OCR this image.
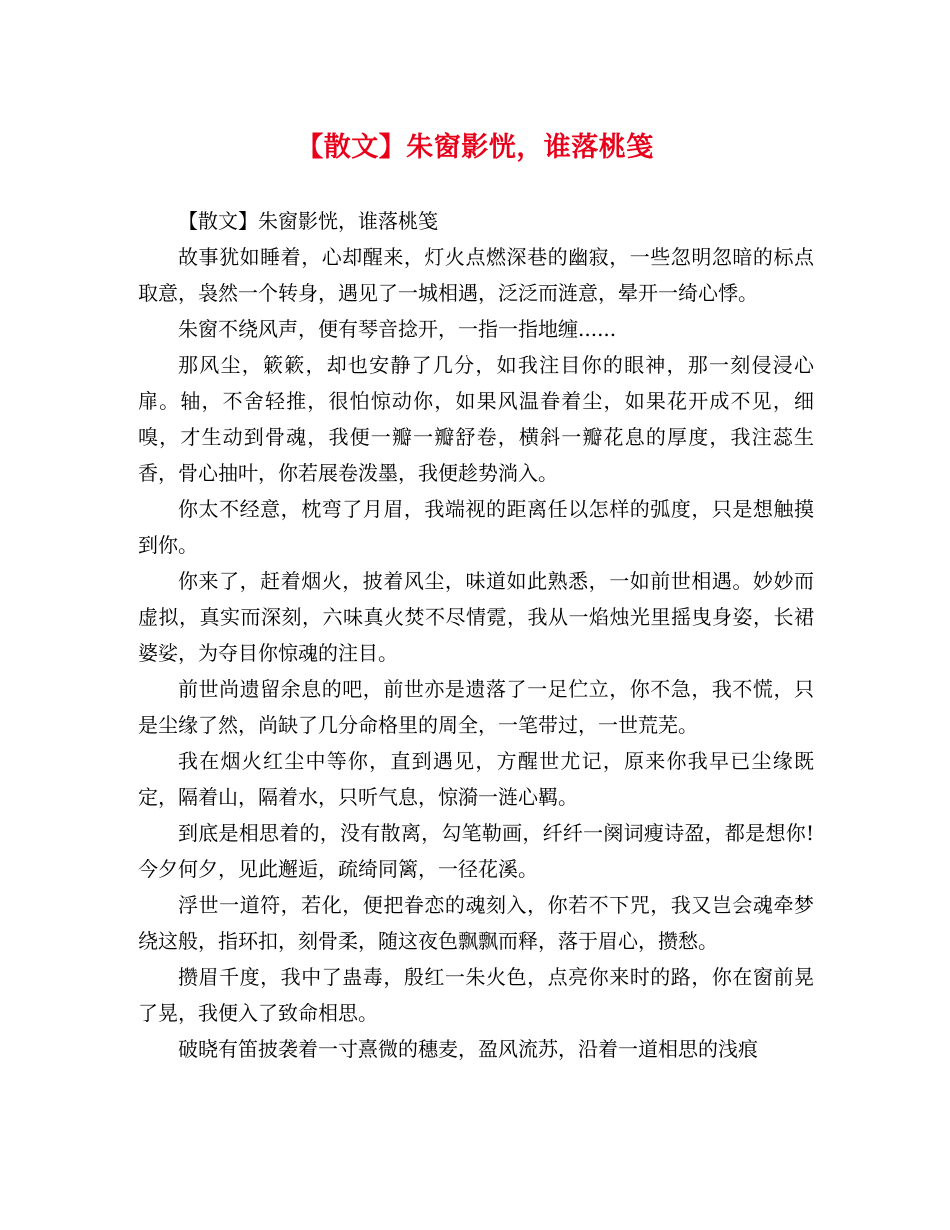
【散文】朱窗影恍，谁落桃笺

【散文】朱窗影恍，谁落桃笺

故事犹如睡着，心却醒来，灯火点燃深巷的幽寂，一些忽明忽暗的标点取意，袅然一个转身，遇见了一城相遇，泛泛而涟意，晕开一绮心悸。

朱窗不绕风声，便有琴音捻开，一指一指地缠......

那风尘，簌簌，却也安静了几分，如我注目你的眼神，那一刻侵浸心扉。轴，不舍轻推，很怕惊动你，如果风温眷着尘，如果花开成不见，细嗅，才生动到骨魂，我便一瓣一瓣舒卷，横斜一瓣花息的厚度，我注蕊生香，骨心抽叶，你若展卷泼墨，我便趁势淌入。

你太不经意，枕弯了月眉，我端视的距离任以怎样的弧度，只是想触摸到你。

你来了，赶着烟火，披着风尘，味道如此熟悉，一如前世相遇。妙妙而虚拟，真实而深刻，六味真火焚不尽情霓，我从一焰烛光里摇曳身姿，长裙婆娑，为夺目你惊魂的注目。

前世尚遗留余息的吧，前世亦是遗落了一足伫立，你不急，我不慌，只是尘缘了然，尚缺了几分命格里的周全，一笔带过，一世荒芜。

我在烟火红尘中等你，直到遇见，方醒世尤记，原来你我早已尘缘既定，隔着山，隔着水，只听气息，惊漪一涟心羁。

到底是相思着的，没有散离，勾笔勒画，纤纤一阕词瘦诗盈，都是想你!今夕何夕，见此邂逅，疏绮同篱，一径花溪。

浮世一道符，若化，便把眷恋的魂刻入，你若不下咒，我又岂会魂牵梦绕这般，指环扣，刻骨柔，随这夜色飘飘而释，落于眉心，攒愁。

攒眉千度，我中了蛊毒，殷红一朱火色，点亮你来时的路，你在窗前晃了晃，我便入了致命相思。

破晓有笛披袭着一寸熹微的穗麦，盈风流苏，沿着一道相思的浅痕
